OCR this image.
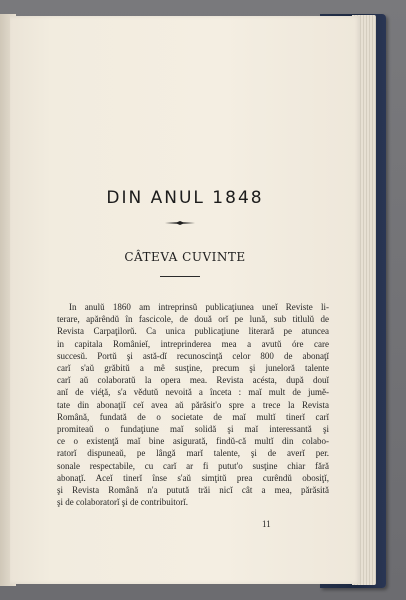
DIN ANUL 1848
CÂTEVA CUVINTE
In anulŭ 1860 am intreprinsŭ publicaţiunea uneĭ Reviste li-
terare, apărêndŭ în fascicole, de două orĭ pe lună, sub titlulŭ de
Revista Carpaţilorŭ. Ca unica publicaţiune literară pe atuncea
in capitala Românieĭ, intreprinderea mea a avutŭ óre care
succesŭ. Portŭ şi astă-dĭ recunoscinţă celor 800 de abonaţĭ
carĭ s'aŭ grăbitŭ a mê susţine, precum şi juneloră talente
carĭ aŭ colaboratŭ la opera mea. Revista acésta, după douĭ
anĭ de viéţă, s'a vědutŭ nevoită a înceta : maĭ mult de jumĕ-
tate din abonaţiĭ ceĭ avea aŭ părăsit'o spre a trece la Revista
Română, fundată de o societate de maĭ multĭ tinerĭ carĭ
promiteaŭ o fundaţiune maĭ solidă şi maĭ interessantă şi
ce o existenţă maĭ bine asigurată, findŭ-că multĭ din colabo-
ratorĭ dispuneaŭ, pe lângă marĭ talente, şi de averĭ per.
sonale respectabile, cu carĭ ar fi putut'o susţine chiar fără
abonaţĭ. Aceĭ tinerĭ înse s'aŭ simţitŭ prea curêndŭ obosiţĭ,
şi Revista Română n'a putută trăi nicĭ cât a mea, părăsită
şi de colaboratorĭ şi de contribuitorĭ.
11
